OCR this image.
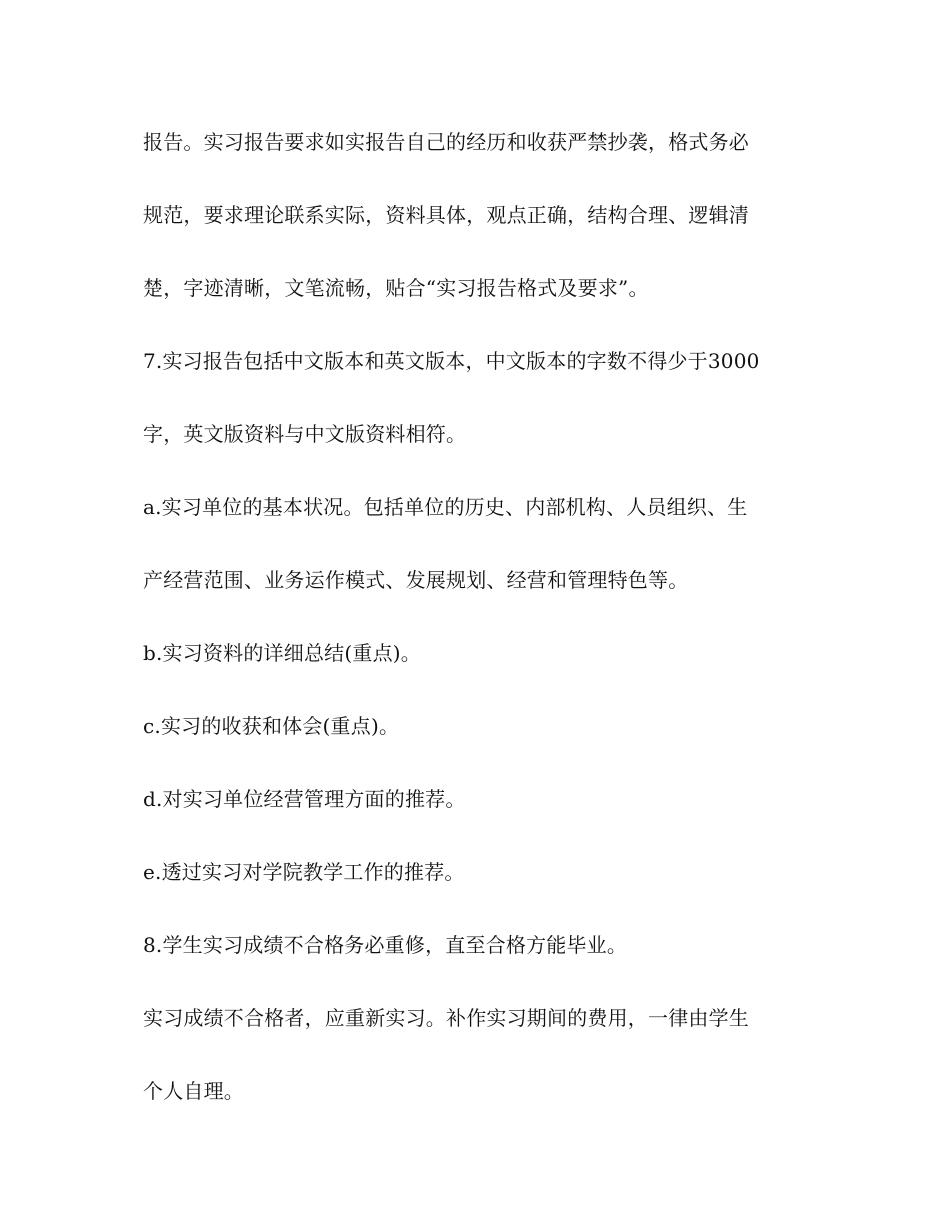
报告。实习报告要求如实报告自己的经历和收获严禁抄袭，格式务必
规范，要求理论联系实际，资料具体，观点正确，结构合理、逻辑清
楚，字迹清晰，文笔流畅，贴合“实习报告格式及要求”。
7.实习报告包括中文版本和英文版本，中文版本的字数不得少于3000
字，英文版资料与中文版资料相符。
a.实习单位的基本状况。包括单位的历史、内部机构、人员组织、生
产经营范围、业务运作模式、发展规划、经营和管理特色等。
b.实习资料的详细总结(重点)。
c.实习的收获和体会(重点)。
d.对实习单位经营管理方面的推荐。
e.透过实习对学院教学工作的推荐。
8.学生实习成绩不合格务必重修，直至合格方能毕业。
实习成绩不合格者，应重新实习。补作实习期间的费用，一律由学生
个人自理。
